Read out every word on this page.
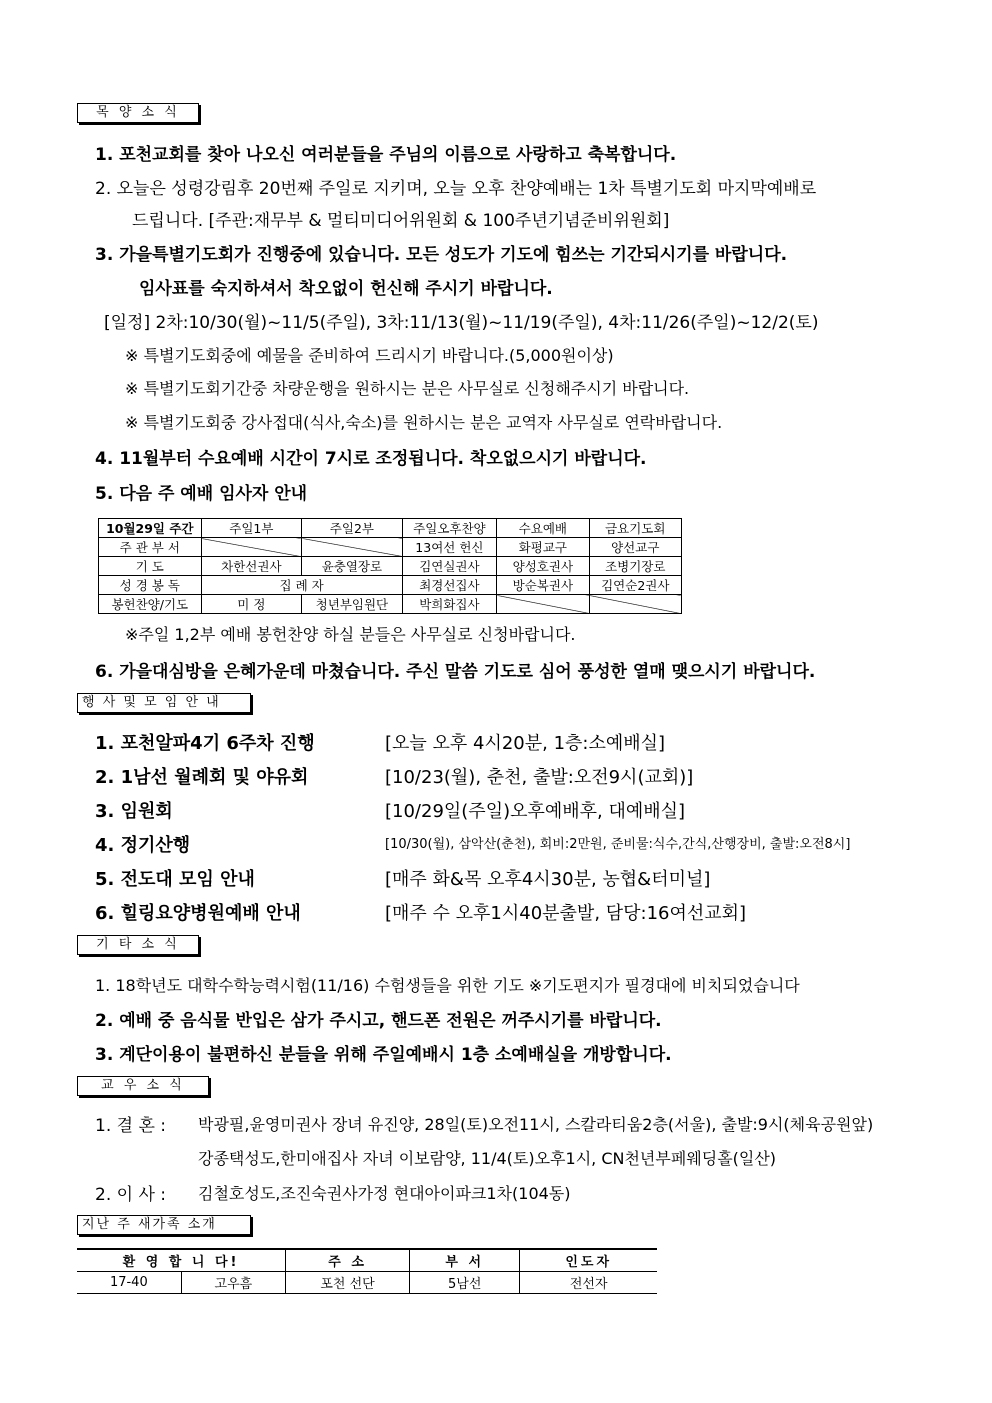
목 양 소 식
1. 포천교회를 찾아 나오신 여러분들을 주님의 이름으로 사랑하고 축복합니다.
2. 오늘은 성령강림후 20번째 주일로 지키며, 오늘 오후 찬양예배는 1차 특별기도회 마지막예배로
드립니다. [주관:재무부 & 멀티미디어위원회 & 100주년기념준비위원회]
3. 가을특별기도회가 진행중에 있습니다. 모든 성도가 기도에 힘쓰는 기간되시기를 바랍니다.
임사표를 숙지하셔서 착오없이 헌신해 주시기 바랍니다.
[일정] 2차:10/30(월)~11/5(주일), 3차:11/13(월)~11/19(주일), 4차:11/26(주일)~12/2(토)
※ 특별기도회중에 예물을 준비하여 드리시기 바랍니다.(5,000원이상)
※ 특별기도회기간중 차량운행을 원하시는 분은 사무실로 신청해주시기 바랍니다.
※ 특별기도회중 강사접대(식사,숙소)를 원하시는 분은 교역자 사무실로 연락바랍니다.
4. 11월부터 수요예배 시간이 7시로 조정됩니다. 착오없으시기 바랍니다.
5. 다음 주 예배 임사자 안내
10월29일 주간	주일1부	주일2부	주일오후찬양	수요예배	금요기도회
주 관 부 서			13여선 헌신	화평교구	양선교구
기 도	차한선권사	윤충열장로	김연실권사	양성호권사	조병기장로
성 경 봉 독	집 례 자		최경선집사	방순복권사	김연순2권사
봉헌찬양/기도	미 정	청년부임원단	박희화집사		
※주일 1,2부 예배 봉헌찬양 하실 분들은 사무실로 신청바랍니다.
6. 가을대심방을 은혜가운데 마쳤습니다. 주신 말씀 기도로 심어 풍성한 열매 맺으시기 바랍니다.
행 사 및 모 임 안 내
1. 포천알파4기 6주차 진행	[오늘 오후 4시20분, 1층:소예배실]
2. 1남선 월례회 및 야유회	[10/23(월), 춘천, 출발:오전9시(교회)]
3. 임원회	[10/29일(주일)오후예배후, 대예배실]
4. 정기산행	[10/30(월), 삼악산(춘천), 회비:2만원, 준비물:식수,간식,산행장비, 출발:오전8시]
5. 전도대 모임 안내	[매주 화&목 오후4시30분, 농협&터미널]
6. 힐링요양병원예배 안내	[매주 수 오후1시40분출발, 담당:16여선교회]
기 타 소 식
1. 18학년도 대학수학능력시험(11/16) 수험생들을 위한 기도 ※기도편지가 필경대에 비치되었습니다
2. 예배 중 음식물 반입은 삼가 주시고, 핸드폰 전원은 꺼주시기를 바랍니다.
3. 계단이용이 불편하신 분들을 위해 주일예배시 1층 소예배실을 개방합니다.
교 우 소 식
1. 결 혼 : 박광필,윤영미권사 장녀 유진양, 28일(토)오전11시, 스칼라티움2층(서울), 출발:9시(체육공원앞)
강종택성도,한미애집사 자녀 이보람양, 11/4(토)오후1시, CN천년부페웨딩홀(일산)
2. 이 사 : 김철호성도,조진숙권사가정 현대아이파크1차(104동)
지난 주 새가족 소개
환 영 합 니 다!		주 소	부 서	인도자
17-40	고우흠	포천 선단	5남선	전선자
